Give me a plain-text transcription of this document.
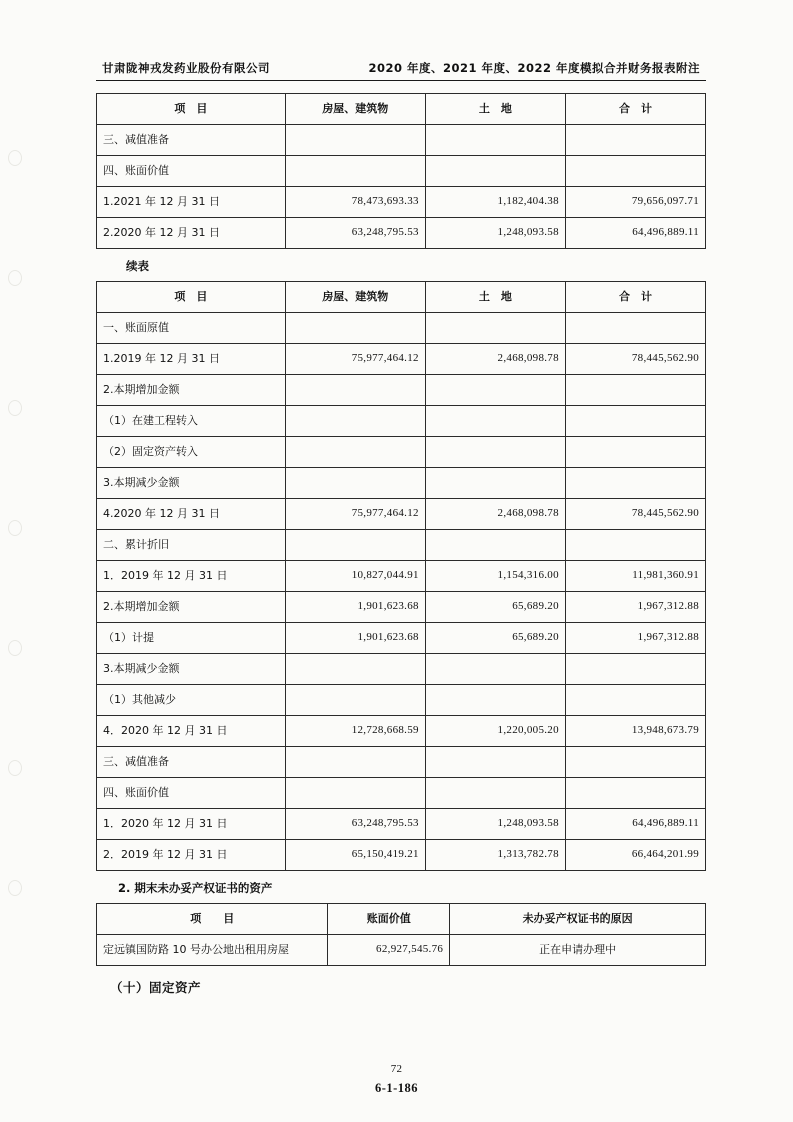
甘肃陇神戎发药业股份有限公司	2020 年度、2021 年度、2022 年度模拟合并财务报表附注
项　目	房屋、建筑物	土　地	合　计
三、减值准备			
四、账面价值			
1.2021 年 12 月 31 日	78,473,693.33	1,182,404.38	79,656,097.71
2.2020 年 12 月 31 日	63,248,795.53	1,248,093.58	64,496,889.11
续表
项　目	房屋、建筑物	土　地	合　计
一、账面原值			
1.2019 年 12 月 31 日	75,977,464.12	2,468,098.78	78,445,562.90
2.本期增加金额			
（1）在建工程转入			
（2）固定资产转入			
3.本期减少金额			
4.2020 年 12 月 31 日	75,977,464.12	2,468,098.78	78,445,562.90
二、累计折旧			
1．2019 年 12 月 31 日	10,827,044.91	1,154,316.00	11,981,360.91
2.本期增加金额	1,901,623.68	65,689.20	1,967,312.88
（1）计提	1,901,623.68	65,689.20	1,967,312.88
3.本期减少金额			
（1）其他减少			
4．2020 年 12 月 31 日	12,728,668.59	1,220,005.20	13,948,673.79
三、减值准备			
四、账面价值			
1．2020 年 12 月 31 日	63,248,795.53	1,248,093.58	64,496,889.11
2．2019 年 12 月 31 日	65,150,419.21	1,313,782.78	66,464,201.99
2. 期末未办妥产权证书的资产
项　　目	账面价值	未办妥产权证书的原因
定远镇国防路 10 号办公地出租用房屋	62,927,545.76	正在申请办理中
（十）固定资产
72
6-1-186
